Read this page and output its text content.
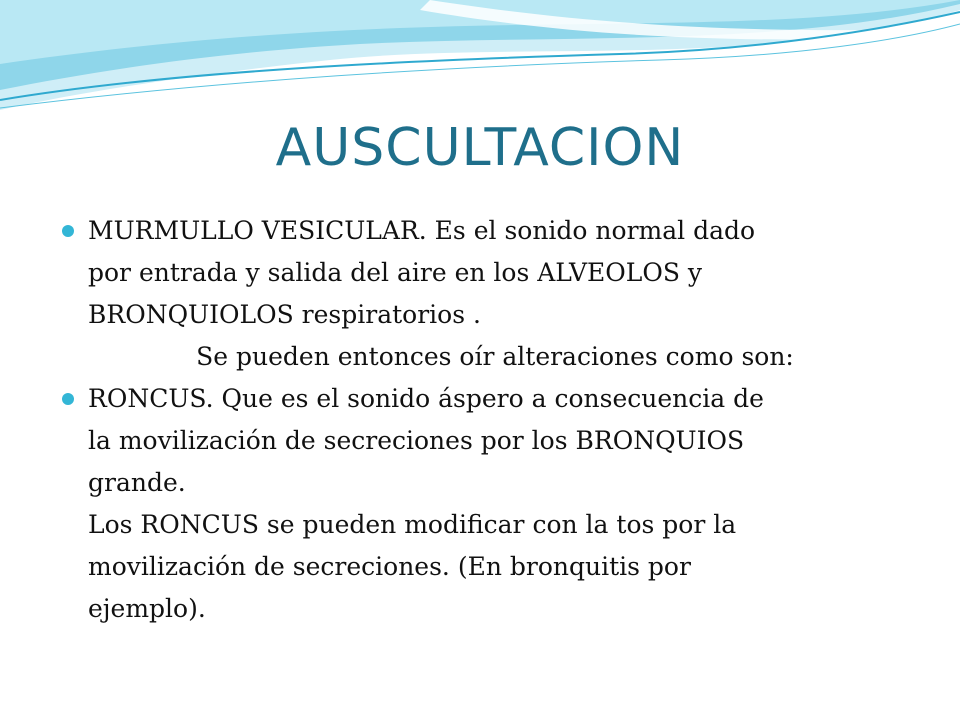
AUSCULTACION
MURMULLO VESICULAR. Es el sonido normal dado
por entrada y salida del aire en los ALVEOLOS y
BRONQUIOLOS respiratorios .

Se pueden entonces oír alteraciones como son:

RONCUS. Que es el sonido áspero a consecuencia de
la movilización de secreciones por los BRONQUIOS
grande.
Los RONCUS se pueden modificar con la tos por la
movilización de secreciones. (En bronquitis por
ejemplo).
